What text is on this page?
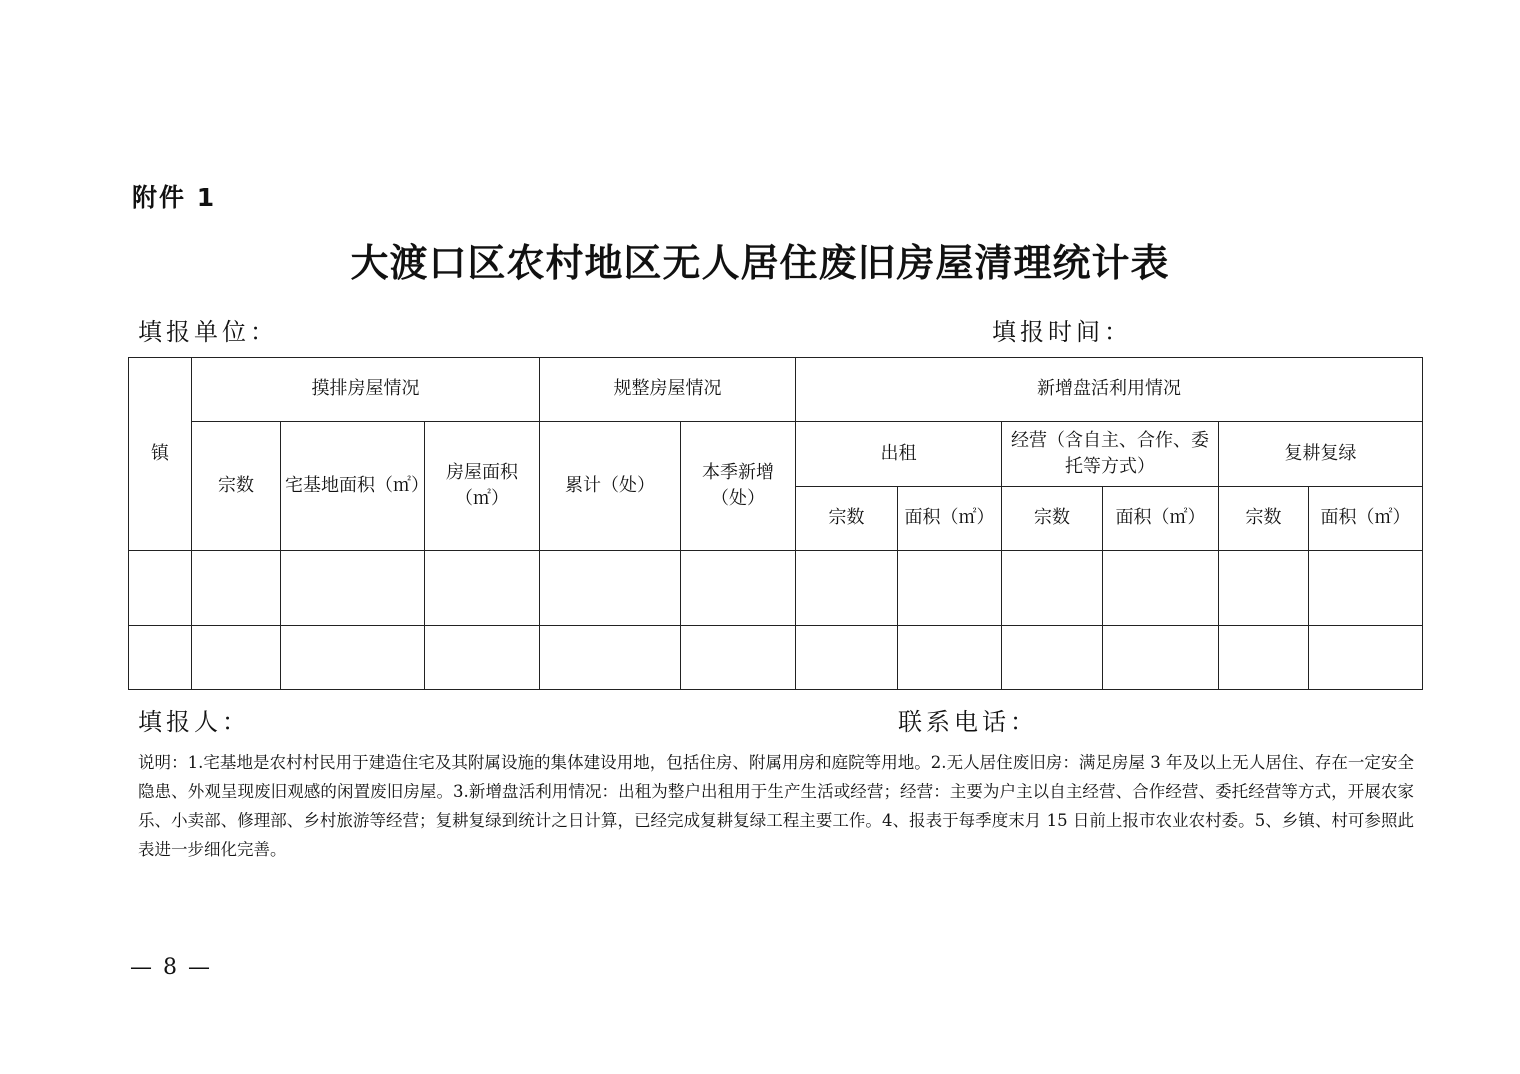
附件 1
大渡口区农村地区无人居住废旧房屋清理统计表
填报单位：	填报时间：
镇	摸排房屋情况			规整房屋情况		新增盘活利用情况					
	宗数	宅基地面积（㎡）	房屋面积（㎡）	累计（处）	本季新增（处）	出租		经营（含自主、合作、委托等方式）		复耕复绿	
						宗数	面积（㎡）	宗数	面积（㎡）	宗数	面积（㎡）

填报人：	联系电话：
说明：1.宅基地是农村村民用于建造住宅及其附属设施的集体建设用地，包括住房、附属用房和庭院等用地。2.无人居住废旧房：满足房屋 3 年及以上无人居住、存在一定安全隐患、外观呈现废旧观感的闲置废旧房屋。3.新增盘活利用情况：出租为整户出租用于生产生活或经营；经营：主要为户主以自主经营、合作经营、委托经营等方式，开展农家乐、小卖部、修理部、乡村旅游等经营；复耕复绿到统计之日计算，已经完成复耕复绿工程主要工作。4、报表于每季度末月 15 日前上报市农业农村委。5、乡镇、村可参照此表进一步细化完善。
— 8 —
